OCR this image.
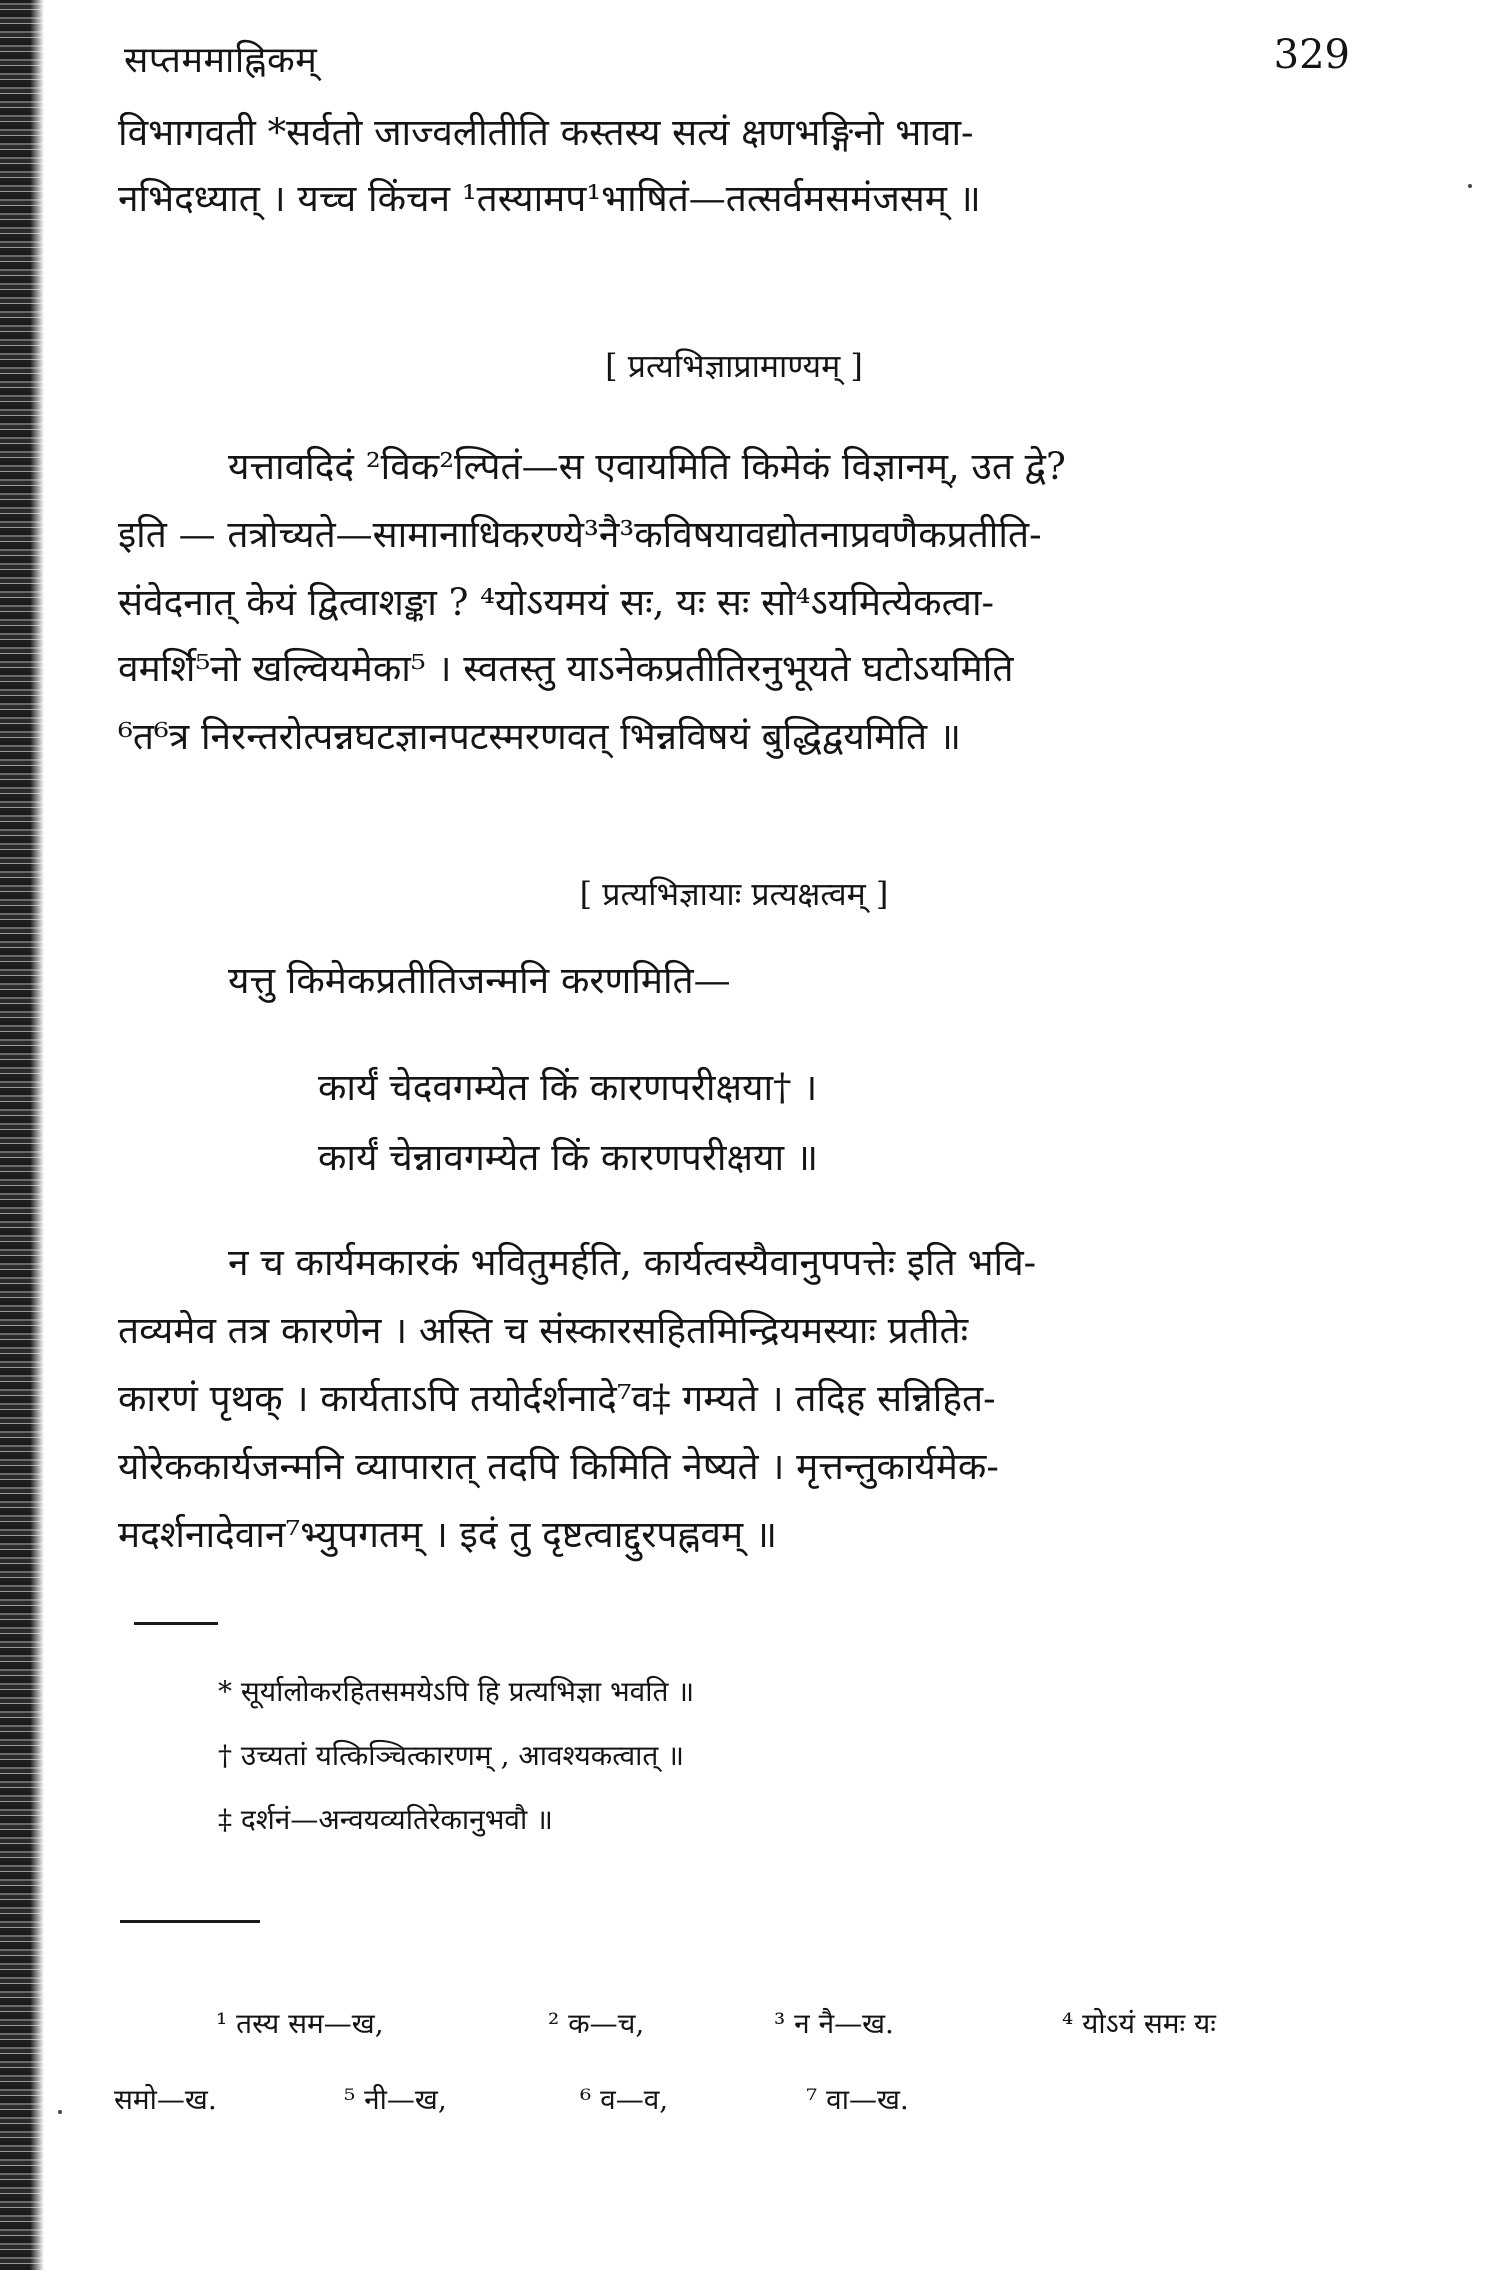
सप्तममाह्निकम्	329
विभागवती *सर्वतो जाज्वलीतीति कस्तस्य सत्यं क्षणभङ्गिनो भावा-
नभिदध्यात् । यच्च किंचन ¹तस्यामप¹भाषितं—तत्सर्वमसमंजसम् ॥
[ प्रत्यभिज्ञाप्रामाण्यम् ]
यत्तावदिदं ²विक²ल्पितं—स एवायमिति किमेकं विज्ञानम्, उत द्वे?
इति — तत्रोच्यते—सामानाधिकरण्ये³नै³कविषयावद्योतनाप्रवणैकप्रतीति-
संवेदनात् केयं द्वित्वाशङ्का ? ⁴योऽयमयं सः, यः सः सो⁴ऽयमित्येकत्वा-
वमर्शि⁵नो खल्वियमेका⁵ । स्वतस्तु याऽनेकप्रतीतिरनुभूयते घटोऽयमिति
⁶त⁶त्र निरन्तरोत्पन्नघटज्ञानपटस्मरणवत् भिन्नविषयं बुद्धिद्वयमिति ॥
[ प्रत्यभिज्ञायाः प्रत्यक्षत्वम् ]
यत्तु किमेकप्रतीतिजन्मनि करणमिति—
कार्यं चेदवगम्येत किं कारणपरीक्षया† ।
कार्यं चेन्नावगम्येत किं कारणपरीक्षया ॥
न च कार्यमकारकं भवितुमर्हति, कार्यत्वस्यैवानुपपत्तेः इति भवि-
तव्यमेव तत्र कारणेन । अस्ति च संस्कारसहितमिन्द्रियमस्याः प्रतीतेः
कारणं पृथक् । कार्यताऽपि तयोर्दर्शनादे⁷व‡ गम्यते । तदिह सन्निहित-
योरेककार्यजन्मनि व्यापारात् तदपि किमिति नेष्यते । मृत्तन्तुकार्यमेक-
मदर्शनादेवान⁷भ्युपगतम् । इदं तु दृष्टत्वाद्दुरपह्नवम् ॥
* सूर्यालोकरहितसमयेऽपि हि प्रत्यभिज्ञा भवति ॥
† उच्यतां यत्किञ्चित्कारणम् , आवश्यकत्वात् ॥
‡ दर्शनं—अन्वयव्यतिरेकानुभवौ ॥
¹ तस्य सम—ख,	² क—च,	³ न नै—ख.	⁴ योऽयं समः यः
समो—ख.	⁵ नी—ख,	⁶ व—व,	⁷ वा—ख.
